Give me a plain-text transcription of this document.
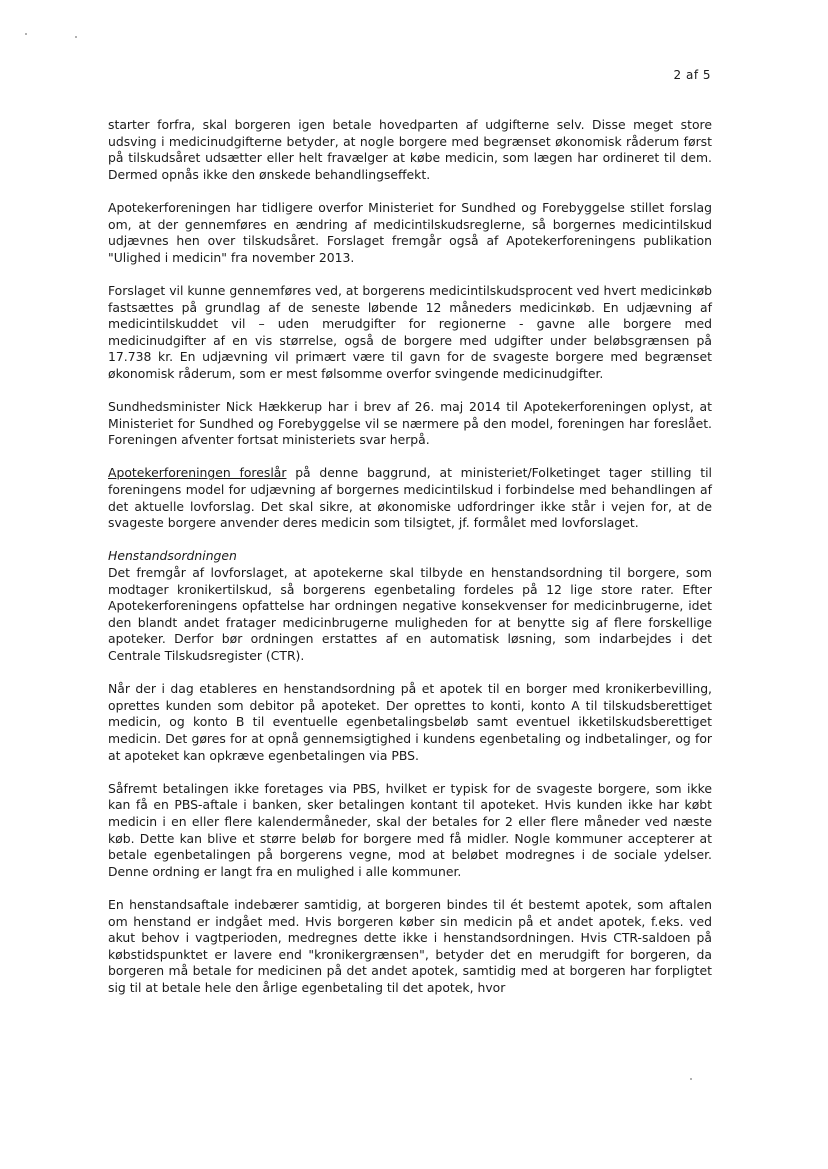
2 af 5

starter forfra, skal borgeren igen betale hovedparten af udgifterne selv. Disse meget store udsving i medicinudgifterne betyder, at nogle borgere med begrænset økonomisk råderum først på tilskudsåret udsætter eller helt fravælger at købe medicin, som lægen har ordineret til dem. Dermed opnås ikke den ønskede behandlingseffekt.

Apotekerforeningen har tidligere overfor Ministeriet for Sundhed og Forebyggelse stillet forslag om, at der gennemføres en ændring af medicintilskudsreglerne, så borgernes medicintilskud udjævnes hen over tilskudsåret. Forslaget fremgår også af Apotekerforeningens publikation "Ulighed i medicin" fra november 2013.

Forslaget vil kunne gennemføres ved, at borgerens medicintilskudsprocent ved hvert medicinkøb fastsættes på grundlag af de seneste løbende 12 måneders medicinkøb. En udjævning af medicintilskuddet vil – uden merudgifter for regionerne - gavne alle borgere med medicinudgifter af en vis størrelse, også de borgere med udgifter under beløbsgrænsen på 17.738 kr. En udjævning vil primært være til gavn for de svageste borgere med begrænset økonomisk råderum, som er mest følsomme overfor svingende medicinudgifter.

Sundhedsminister Nick Hækkerup har i brev af 26. maj 2014 til Apotekerforeningen oplyst, at Ministeriet for Sundhed og Forebyggelse vil se nærmere på den model, foreningen har foreslået. Foreningen afventer fortsat ministeriets svar herpå.

Apotekerforeningen foreslår på denne baggrund, at ministeriet/Folketinget tager stilling til foreningens model for udjævning af borgernes medicintilskud i forbindelse med behandlingen af det aktuelle lovforslag. Det skal sikre, at økonomiske udfordringer ikke står i vejen for, at de svageste borgere anvender deres medicin som tilsigtet, jf. formålet med lovforslaget.

Henstandsordningen
Det fremgår af lovforslaget, at apotekerne skal tilbyde en henstandsordning til borgere, som modtager kronikertilskud, så borgerens egenbetaling fordeles på 12 lige store rater. Efter Apotekerforeningens opfattelse har ordningen negative konsekvenser for medicinbrugerne, idet den blandt andet fratager medicinbrugerne muligheden for at benytte sig af flere forskellige apoteker. Derfor bør ordningen erstattes af en automatisk løsning, som indarbejdes i det Centrale Tilskudsregister (CTR).

Når der i dag etableres en henstandsordning på et apotek til en borger med kronikerbevilling, oprettes kunden som debitor på apoteket. Der oprettes to konti, konto A til tilskudsberettiget medicin, og konto B til eventuelle egenbetalingsbeløb samt eventuel ikketilskudsberettiget medicin. Det gøres for at opnå gennemsigtighed i kundens egenbetaling og indbetalinger, og for at apoteket kan opkræve egenbetalingen via PBS.

Såfremt betalingen ikke foretages via PBS, hvilket er typisk for de svageste borgere, som ikke kan få en PBS-aftale i banken, sker betalingen kontant til apoteket. Hvis kunden ikke har købt medicin i en eller flere kalendermåneder, skal der betales for 2 eller flere måneder ved næste køb. Dette kan blive et større beløb for borgere med få midler. Nogle kommuner accepterer at betale egenbetalingen på borgerens vegne, mod at beløbet modregnes i de sociale ydelser. Denne ordning er langt fra en mulighed i alle kommuner.

En henstandsaftale indebærer samtidig, at borgeren bindes til ét bestemt apotek, som aftalen om henstand er indgået med. Hvis borgeren køber sin medicin på et andet apotek, f.eks. ved akut behov i vagtperioden, medregnes dette ikke i henstandsordningen. Hvis CTR-saldoen på købstidspunktet er lavere end "kronikergrænsen", betyder det en merudgift for borgeren, da borgeren må betale for medicinen på det andet apotek, samtidig med at borgeren har forpligtet sig til at betale hele den årlige egenbetaling til det apotek, hvor
